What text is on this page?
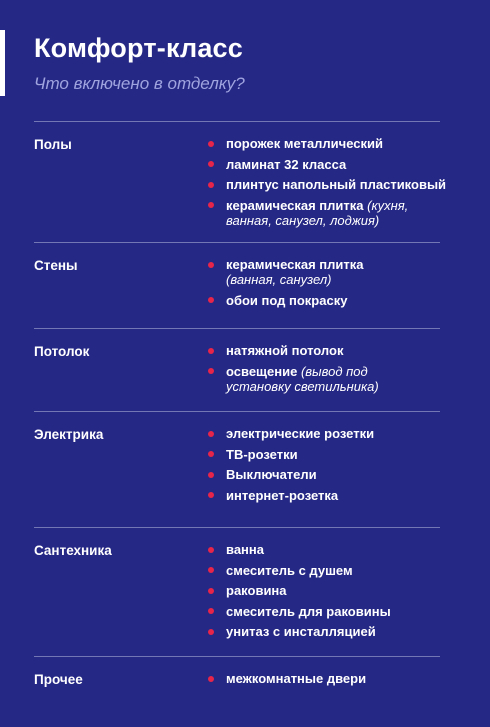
Комфорт-класс
Что включено в отделку?
Полы	порожек металлический
ламинат 32 класса
плинтус напольный пластиковый
керамическая плитка (кухня,
ванная, санузел, лоджия)
Стены	керамическая плитка
(ванная, санузел)
обои под покраску
Потолок	натяжной потолок
освещение (вывод под
установку светильника)
Электрика	электрические розетки
ТВ-розетки
Выключатели
интернет-розетка
Сантехника	ванна
смеситель с душем
раковина
смеситель для раковины
унитаз с инсталляцией
Прочее	межкомнатные двери
